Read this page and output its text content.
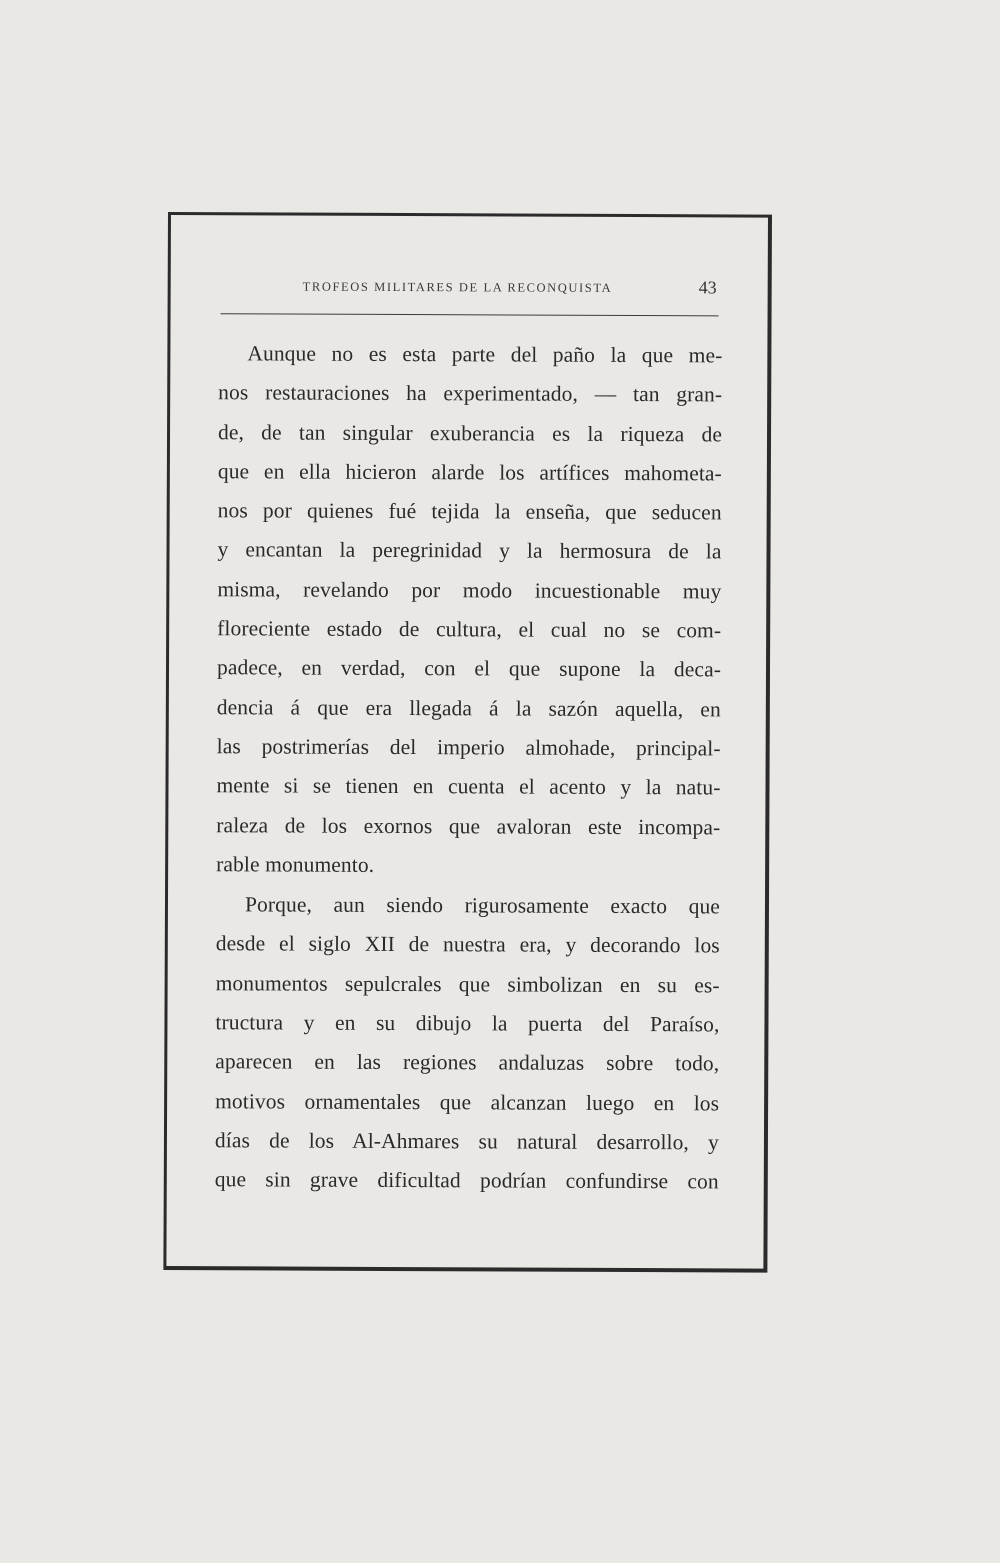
TROFEOS MILITARES DE LA RECONQUISTA	43
Aunque no es esta parte del paño la que me-
nos restauraciones ha experimentado, — tan gran-
de, de tan singular exuberancia es la riqueza de
que en ella hicieron alarde los artífices mahometa-
nos por quienes fué tejida la enseña, que seducen
y encantan la peregrinidad y la hermosura de la
misma, revelando por modo incuestionable muy
floreciente estado de cultura, el cual no se com-
padece, en verdad, con el que supone la deca-
dencia á que era llegada á la sazón aquella, en
las postrimerías del imperio almohade, principal-
mente si se tienen en cuenta el acento y la natu-
raleza de los exornos que avaloran este incompa-
rable monumento.
Porque, aun siendo rigurosamente exacto que
desde el siglo XII de nuestra era, y decorando los
monumentos sepulcrales que simbolizan en su es-
tructura y en su dibujo la puerta del Paraíso,
aparecen en las regiones andaluzas sobre todo,
motivos ornamentales que alcanzan luego en los
días de los Al-Ahmares su natural desarrollo, y
que sin grave dificultad podrían confundirse con
